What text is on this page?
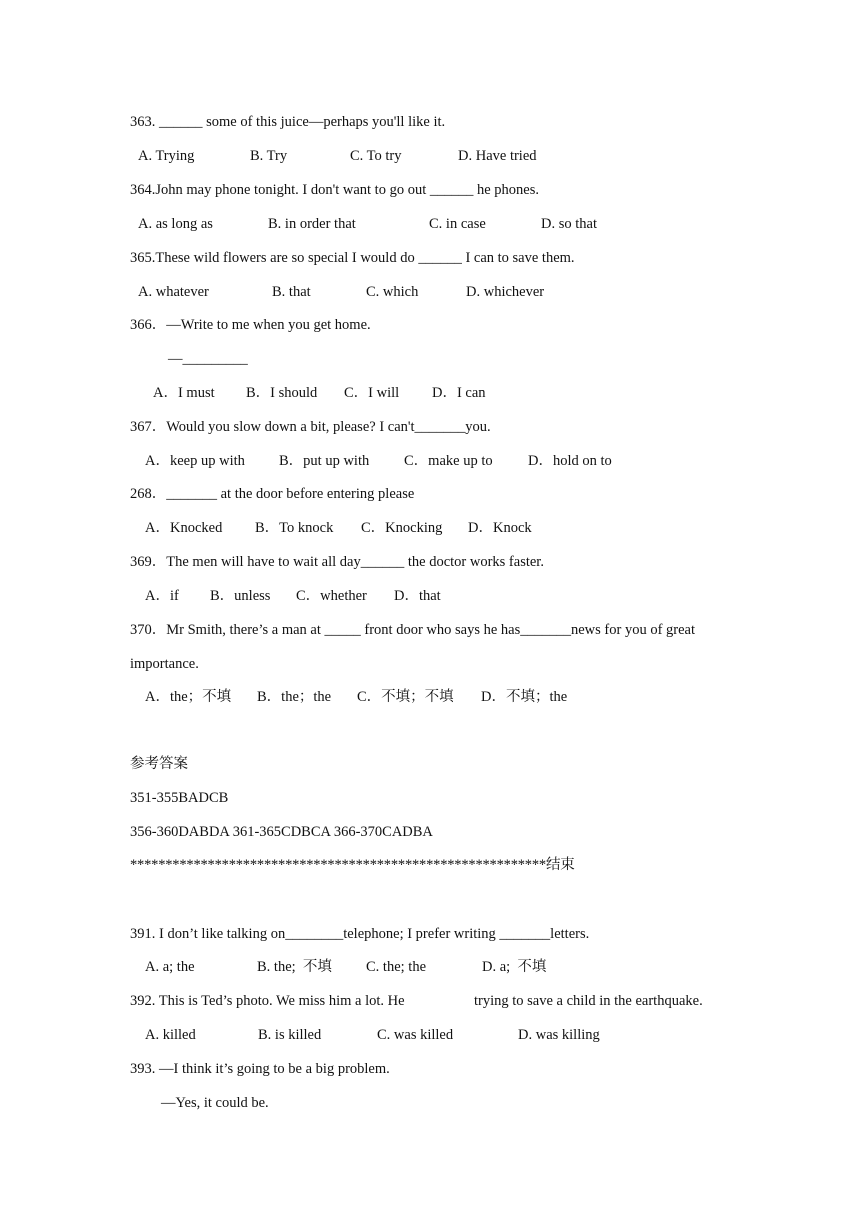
363. ______ some of this juice—perhaps you'll like it.
A. Trying	B. Try	C. To try	D. Have tried
364.John may phone tonight. I don't want to go out ______ he phones.
A. as long as	B. in order that	C. in case	D. so that
365.These wild flowers are so special I would do ______ I can to save them.
A. whatever	B. that	C. which	D. whichever
366．—Write to me when you get home.
—_________
A．I must B．I should C．I will D．I can
367．Would you slow down a bit, please? I can't_______you.
A．keep up with B．put up with C．make up to D．hold on to
268．_______ at the door before entering please
A．Knocked B．To knock C．Knocking D．Knock
369．The men will have to wait all day______ the doctor works faster.
A．if B．unless C．whether D．that
370．Mr Smith, there’s a man at _____ front door who says he has_______news for you of great
importance.
A．the；不填 B．the；the C．不填；不填 D．不填；the
参考答案
351-355BADCB
356-360DABDA 361-365CDBCA 366-370CADBA
***********************************************************结束
391. I don’t like talking on________telephone; I prefer writing _______letters.
A. a; the	B. the;  不填 C. the; the	D. a;  不填
392. This is Ted’s photo. We miss him a lot. He	trying to save a child in the earthquake.
A. killed	B. is killed	C. was killed	D. was killing
393. —I think it’s going to be a big problem.
—Yes, it could be.
